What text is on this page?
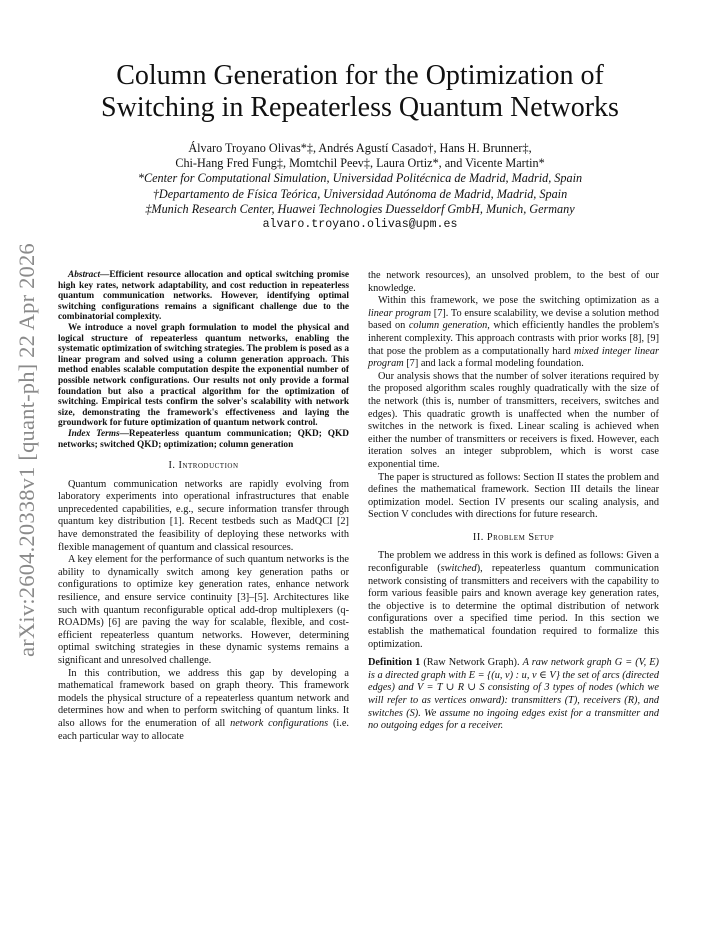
arXiv:2604.20338v1 [quant-ph] 22 Apr 2026
Column Generation for the Optimization of
Switching in Repeaterless Quantum Networks
Álvaro Troyano Olivas*‡, Andrés Agustí Casado†, Hans H. Brunner‡,
Chi-Hang Fred Fung‡, Momtchil Peev‡, Laura Ortiz*, and Vicente Martin*
*Center for Computational Simulation, Universidad Politécnica de Madrid, Madrid, Spain
†Departamento de Física Teórica, Universidad Autónoma de Madrid, Madrid, Spain
‡Munich Research Center, Huawei Technologies Duesseldorf GmbH, Munich, Germany
alvaro.troyano.olivas@upm.es

Abstract—Efficient resource allocation and optical switching promise high key rates, network adaptability, and cost reduction in repeaterless quantum communication networks. However, identifying optimal switching configurations remains a significant challenge due to the combinatorial complexity.

We introduce a novel graph formulation to model the physical and logical structure of repeaterless quantum networks, enabling the systematic optimization of switching strategies. The problem is posed as a linear program and solved using a column generation approach. This method enables scalable computation despite the exponential number of possible network configurations. Our results not only provide a formal foundation but also a practical algorithm for the optimization of switching. Empirical tests confirm the solver's scalability with network size, demonstrating the framework's effectiveness and laying the groundwork for future optimization of quantum network control.

Index Terms—Repeaterless quantum communication; QKD; QKD networks; switched QKD; optimization; column generation

I. Introduction

Quantum communication networks are rapidly evolving from laboratory experiments into operational infrastructures that enable unprecedented capabilities, e.g., secure information transfer through quantum key distribution [1]. Recent testbeds such as MadQCI [2] have demonstrated the feasibility of deploying these networks with flexible management of quantum and classical resources.

A key element for the performance of such quantum networks is the ability to dynamically switch among key generation paths or configurations to optimize key generation rates, enhance network resilience, and ensure service continuity [3]–[5]. Architectures like such with quantum reconfigurable optical add-drop multiplexers (q-ROADMs) [6] are paving the way for scalable, flexible, and cost-efficient repeaterless quantum networks. However, determining optimal switching strategies in these dynamic systems remains a significant and unresolved challenge.

In this contribution, we address this gap by developing a mathematical framework based on graph theory. This framework models the physical structure of a repeaterless quantum network and determines how and when to perform switching of quantum links. It also allows for the enumeration of all network configurations (i.e. each particular way to allocate

the network resources), an unsolved problem, to the best of our knowledge.

Within this framework, we pose the switching optimization as a linear program [7]. To ensure scalability, we devise a solution method based on column generation, which efficiently handles the problem's inherent complexity. This approach contrasts with prior works [8], [9] that pose the problem as a computationally hard mixed integer linear program [7] and lack a formal modeling foundation.

Our analysis shows that the number of solver iterations required by the proposed algorithm scales roughly quadratically with the size of the network (this is, number of transmitters, receivers, switches and edges). This quadratic growth is unaffected when the number of switches in the network is fixed. Linear scaling is achieved when either the number of transmitters or receivers is fixed. However, each iteration solves an integer subproblem, which is worst case exponential time.

The paper is structured as follows: Section II states the problem and defines the mathematical framework. Section III details the linear optimization model. Section IV presents our scaling analysis, and Section V concludes with directions for future research.

II. Problem Setup

The problem we address in this work is defined as follows: Given a reconfigurable (switched), repeaterless quantum communication network consisting of transmitters and receivers with the capability to form various feasible pairs and known average key generation rates, the objective is to determine the optimal distribution of network configurations over a specified time period. In this section we establish the mathematical foundation required to formalize this optimization.

Definition 1 (Raw Network Graph). A raw network graph G = (V, E) is a directed graph with E = {(u, v) : u, v ∈ V} the set of arcs (directed edges) and V = T ∪ R ∪ S consisting of 3 types of nodes (which we will refer to as vertices onward): transmitters (T), receivers (R), and switches (S). We assume no ingoing edges exist for a transmitter and no outgoing edges for a receiver.
